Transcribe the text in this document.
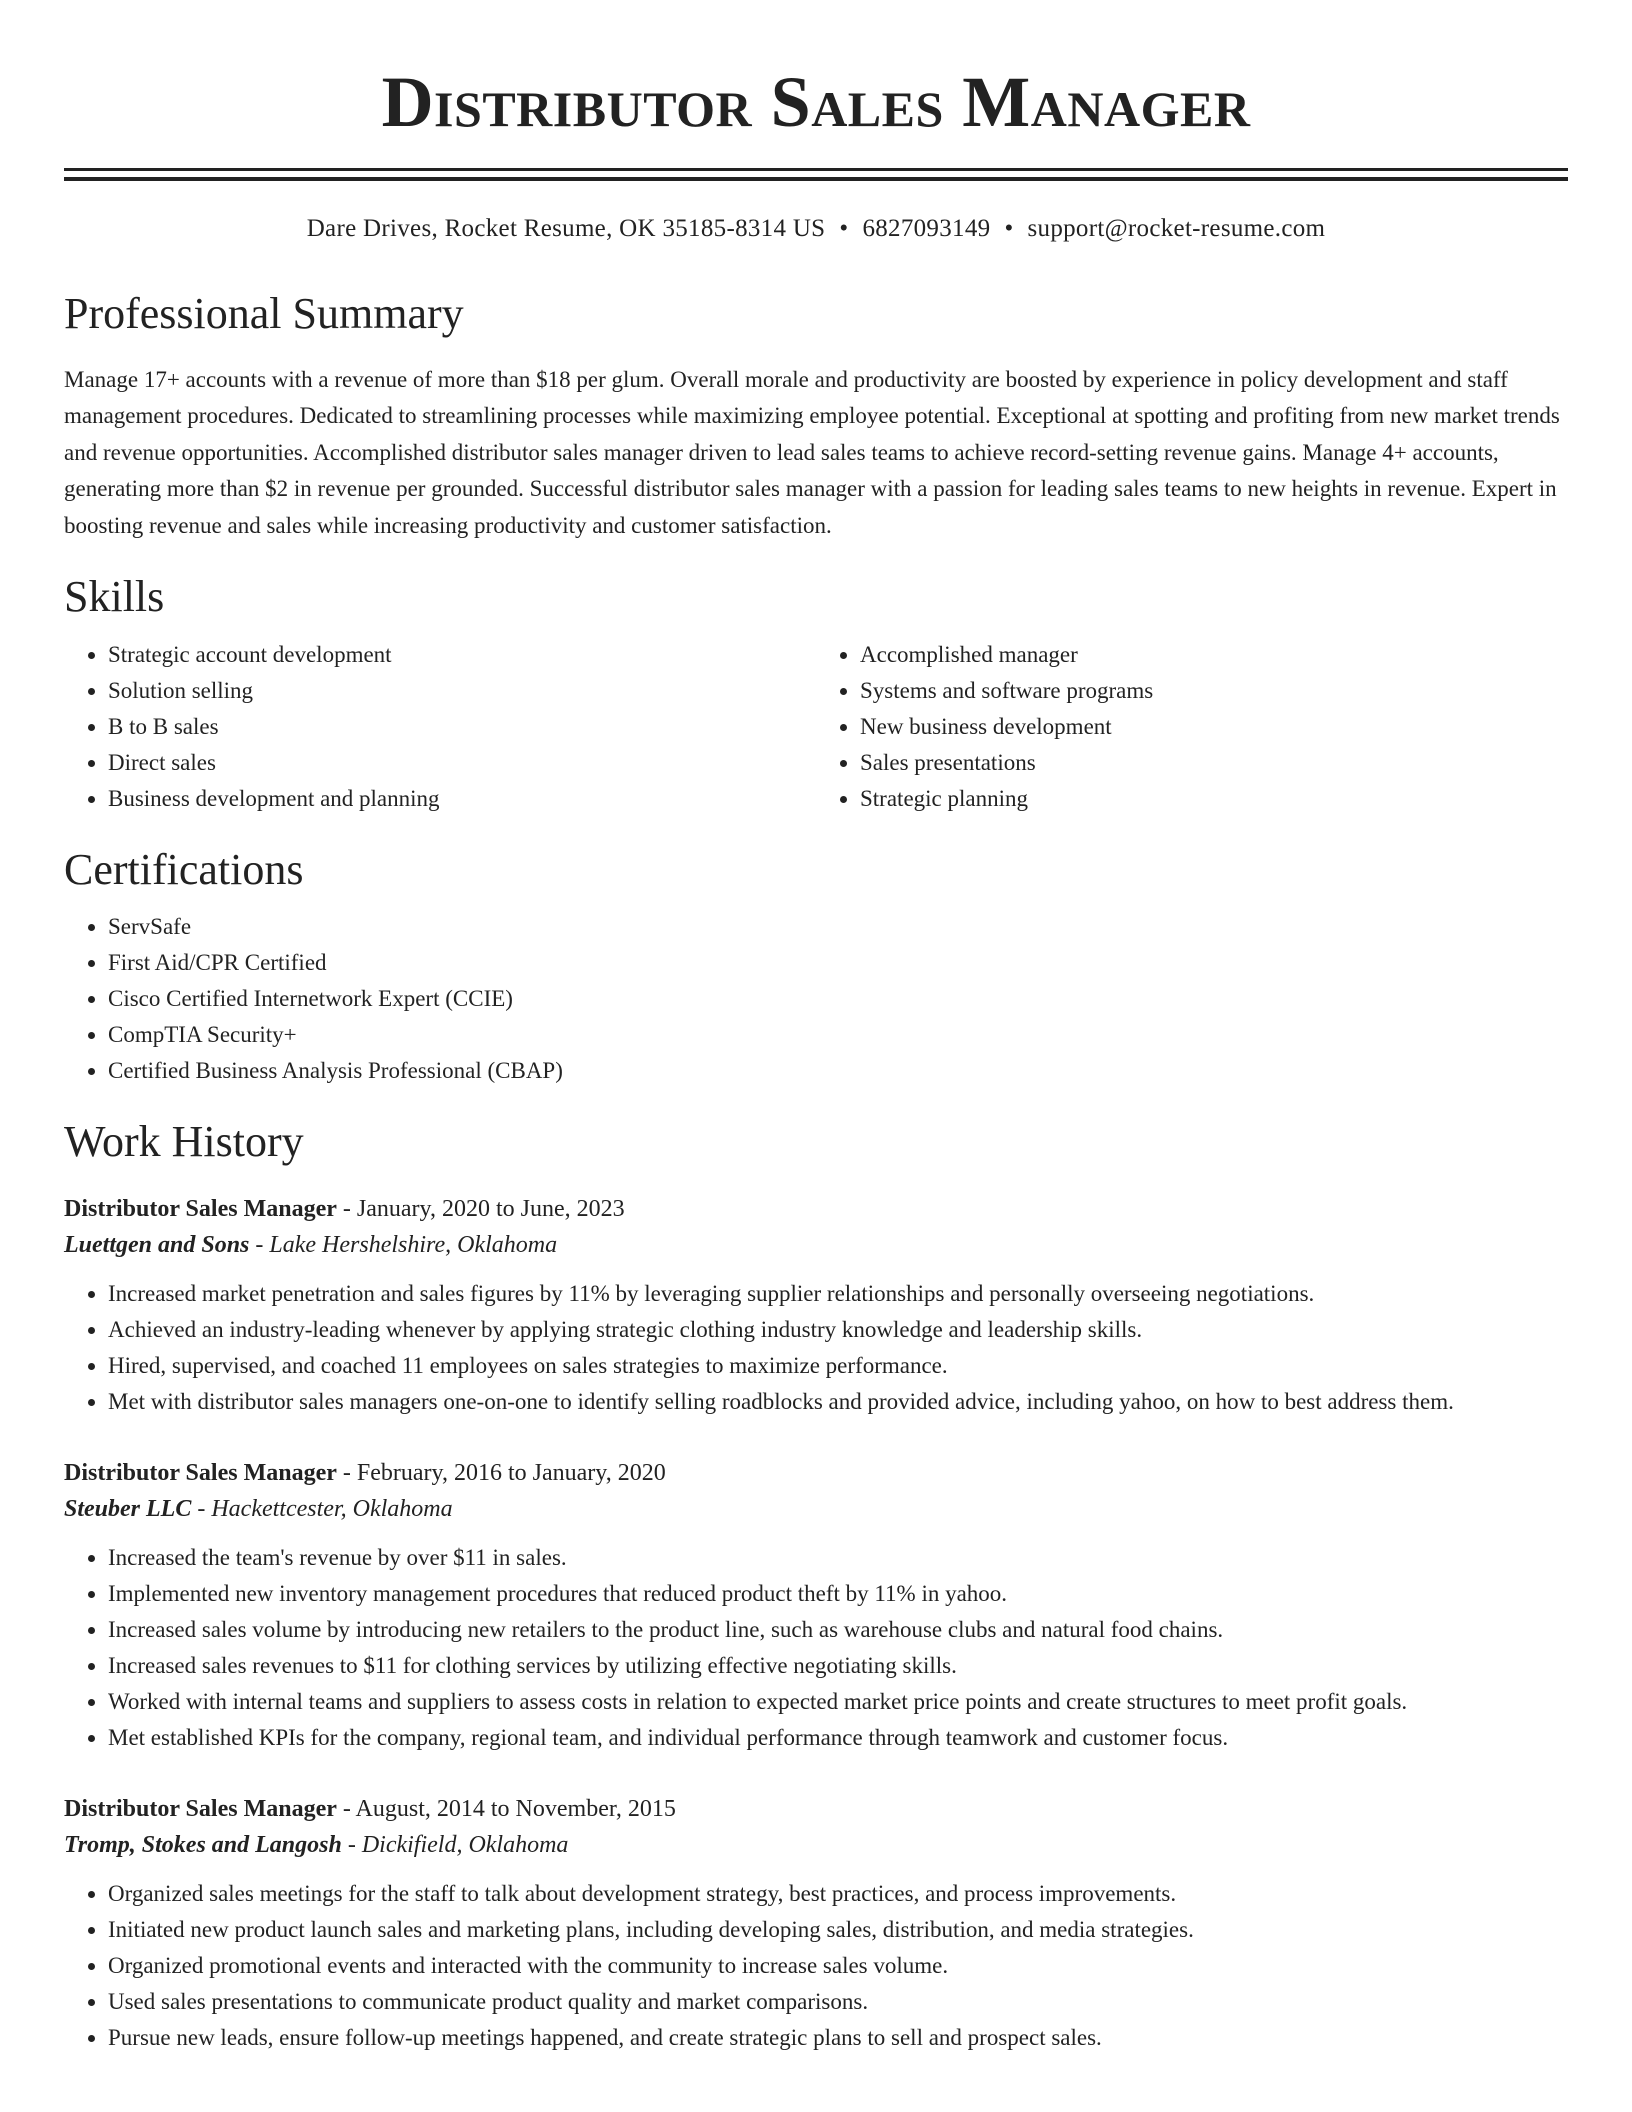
Distributor Sales Manager
Dare Drives, Rocket Resume, OK 35185-8314 US • 6827093149 • support@rocket-resume.com
Professional Summary

Manage 17+ accounts with a revenue of more than $18 per glum. Overall morale and productivity are boosted by experience in policy development and staff management procedures. Dedicated to streamlining processes while maximizing employee potential. Exceptional at spotting and profiting from new market trends and revenue opportunities. Accomplished distributor sales manager driven to lead sales teams to achieve record-setting revenue gains. Manage 4+ accounts, generating more than $2 in revenue per grounded. Successful distributor sales manager with a passion for leading sales teams to new heights in revenue. Expert in boosting revenue and sales while increasing productivity and customer satisfaction.

Skills
• Strategic account development
• Solution selling
• B to B sales
• Direct sales
• Business development and planning
• Accomplished manager
• Systems and software programs
• New business development
• Sales presentations
• Strategic planning
Certifications
• ServSafe
• First Aid/CPR Certified
• Cisco Certified Internetwork Expert (CCIE)
• CompTIA Security+
• Certified Business Analysis Professional (CBAP)
Work History
Distributor Sales Manager - January, 2020 to June, 2023
Luettgen and Sons - Lake Hershelshire, Oklahoma
• Increased market penetration and sales figures by 11% by leveraging supplier relationships and personally overseeing negotiations.
• Achieved an industry-leading whenever by applying strategic clothing industry knowledge and leadership skills.
• Hired, supervised, and coached 11 employees on sales strategies to maximize performance.
• Met with distributor sales managers one-on-one to identify selling roadblocks and provided advice, including yahoo, on how to best address them.
Distributor Sales Manager - February, 2016 to January, 2020
Steuber LLC - Hackettcester, Oklahoma
• Increased the team's revenue by over $11 in sales.
• Implemented new inventory management procedures that reduced product theft by 11% in yahoo.
• Increased sales volume by introducing new retailers to the product line, such as warehouse clubs and natural food chains.
• Increased sales revenues to $11 for clothing services by utilizing effective negotiating skills.
• Worked with internal teams and suppliers to assess costs in relation to expected market price points and create structures to meet profit goals.
• Met established KPIs for the company, regional team, and individual performance through teamwork and customer focus.
Distributor Sales Manager - August, 2014 to November, 2015
Tromp, Stokes and Langosh - Dickifield, Oklahoma
• Organized sales meetings for the staff to talk about development strategy, best practices, and process improvements.
• Initiated new product launch sales and marketing plans, including developing sales, distribution, and media strategies.
• Organized promotional events and interacted with the community to increase sales volume.
• Used sales presentations to communicate product quality and market comparisons.
• Pursue new leads, ensure follow-up meetings happened, and create strategic plans to sell and prospect sales.
